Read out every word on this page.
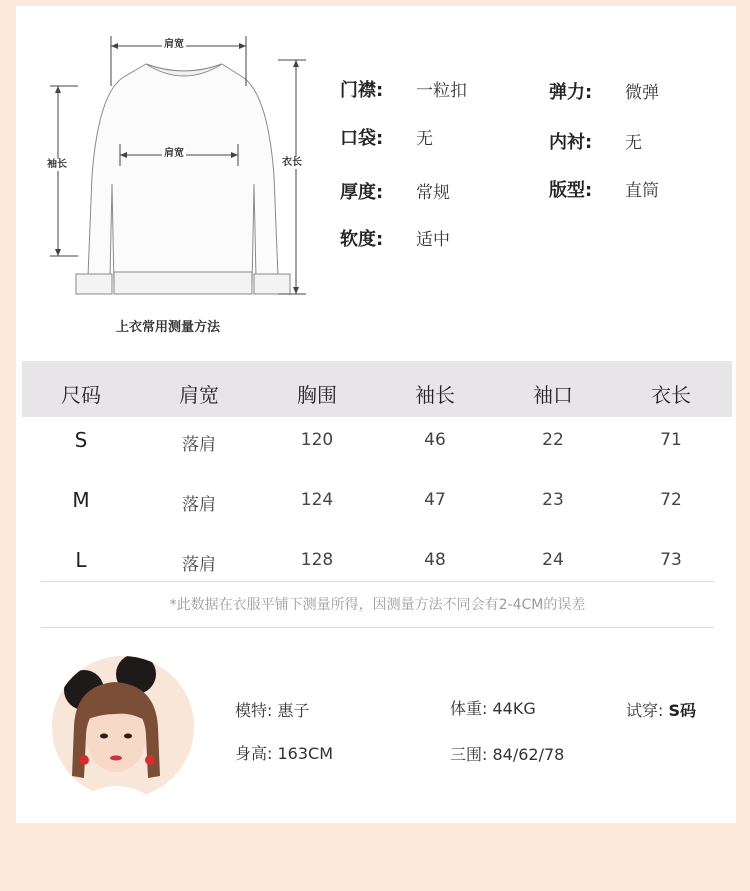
肩宽
肩宽
袖长	衣长
上衣常用测量方法
门襟: 一粒扣	弹力: 微弹
口袋: 无	内衬: 无
厚度: 常规	版型: 直筒
软度: 适中
尺码	肩宽	胸围	袖长	袖口	衣长
S	落肩	120	46	22	71
M	落肩	124	47	23	72
L	落肩	128	48	24	73
*此数据在衣服平铺下测量所得，因测量方法不同会有2-4CM的误差
模特: 惠子	体重: 44KG	试穿: S码
身高: 163CM	三围: 84/62/78
